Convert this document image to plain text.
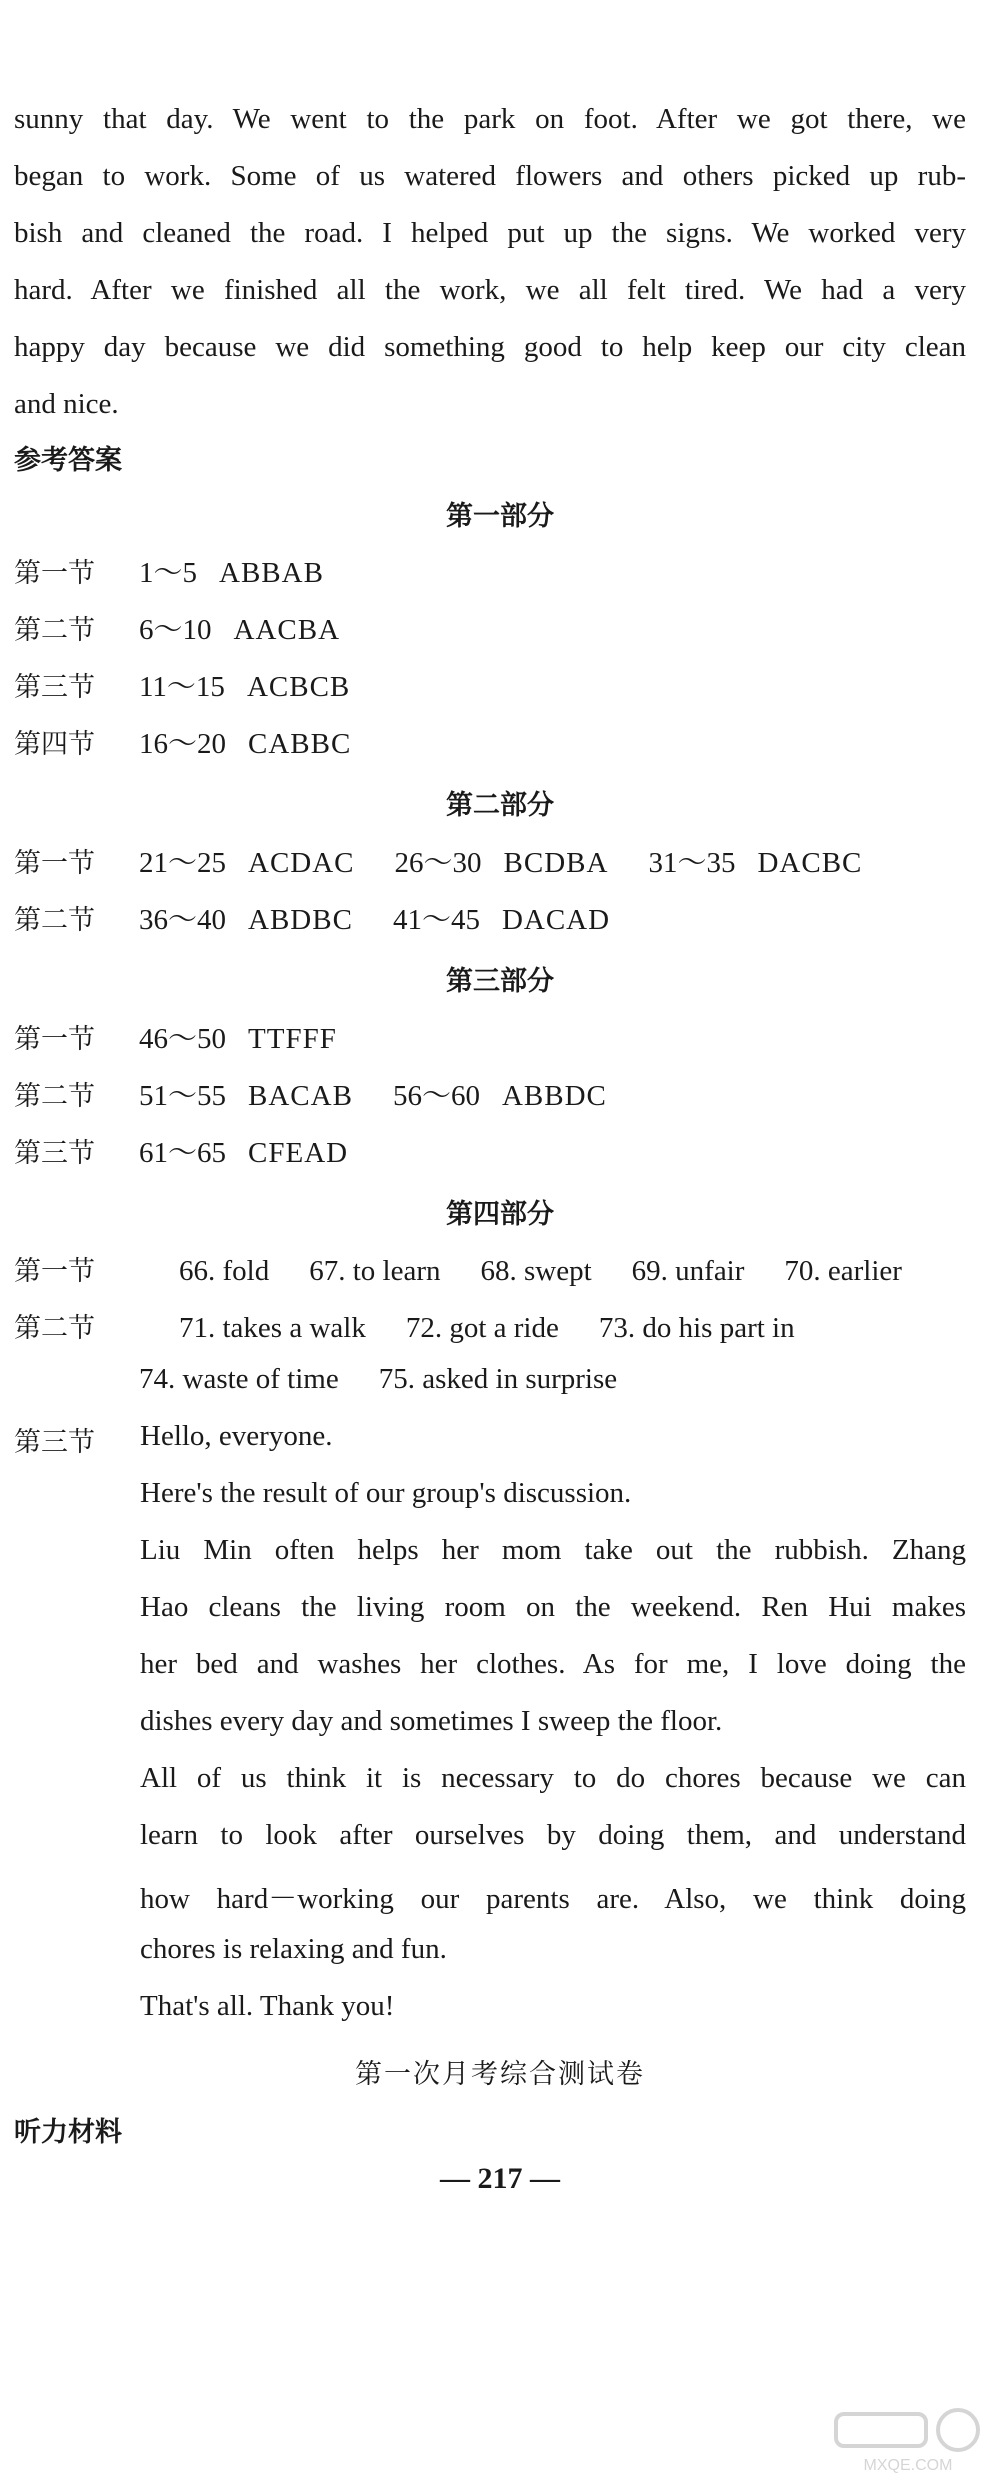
sunny that day. We went to the park on foot. After we got there, we

began to work. Some of us watered flowers and others picked up rub-

bish and cleaned the road. I helped put up the signs. We worked very

hard. After we finished all the work, we all felt tired. We had a very

happy day because we did something good to help keep our city clean

and nice.

参考答案
第一部分
第一节 1～5 ABBAB
第二节 6～10 AACBA
第三节 11～15 ACBCB
第四节 16～20 CABBC
第二部分
第一节 21～25 ACDAC 26～30 BCDBA 31～35 DACBC
第二节 36～40 ABDBC 41～45 DACAD
第三部分
第一节 46～50 TTFFF
第二节 51～55 BACAB 56～60 ABBDC
第三节 61～65 CFEAD
第四部分
第一节	66. fold 67. to learn 68. swept 69. unfair 70. earlier
第二节	71. takes a walk 72. got a ride 73. do his part in
74. waste of time 75. asked in surprise
第三节	Hello, everyone.

Here's the result of our group's discussion.

Liu Min often helps her mom take out the rubbish. Zhang

Hao cleans the living room on the weekend. Ren Hui makes

her bed and washes her clothes. As for me, I love doing the

dishes every day and sometimes I sweep the floor.

All of us think it is necessary to do chores because we can

learn to look after ourselves by doing them, and understand

how hard－working our parents are. Also, we think doing

chores is relaxing and fun.

That's all. Thank you!

第一次月考综合测试卷
听力材料
— 217 —
MXQE.COM
